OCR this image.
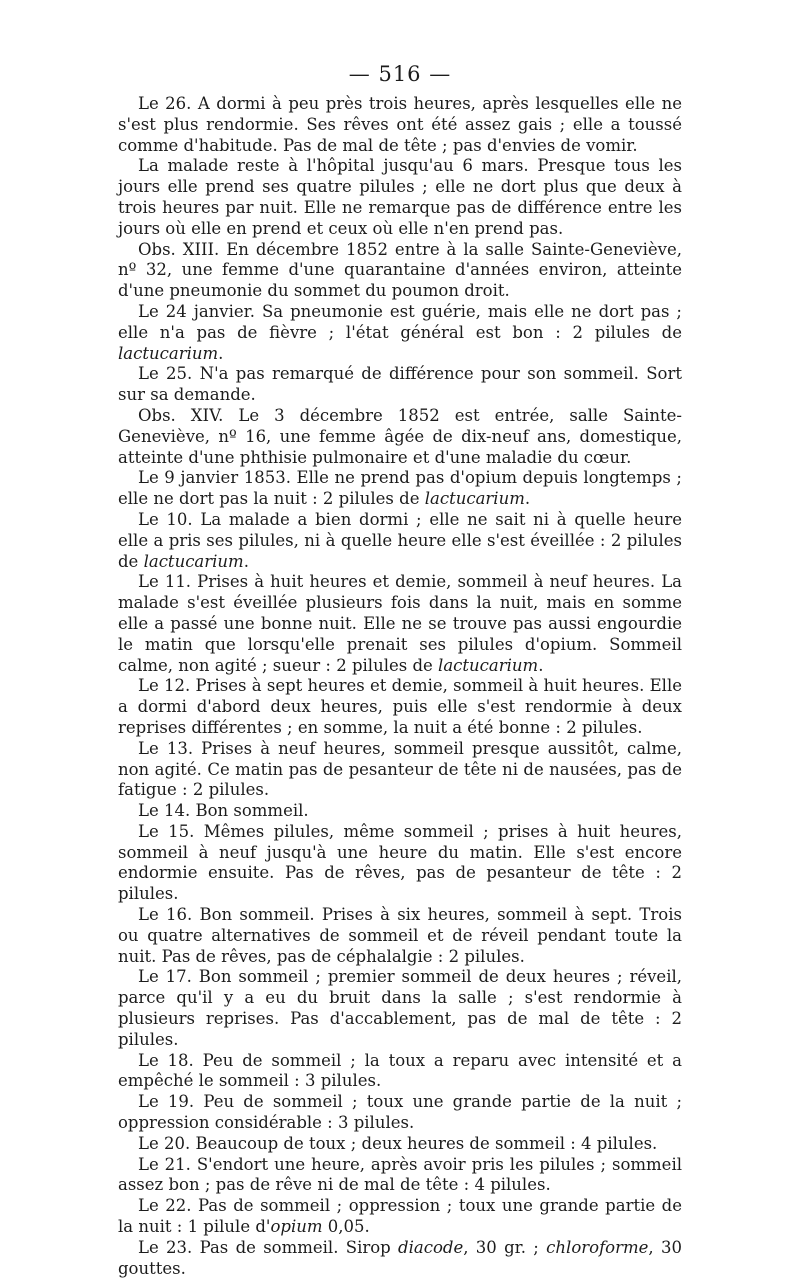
— 516 —

Le 26. A dormi à peu près trois heures, après lesquelles elle ne s'est plus rendormie. Ses rêves ont été assez gais ; elle a toussé comme d'habitude. Pas de mal de tête ; pas d'envies de vomir.

La malade reste à l'hôpital jusqu'au 6 mars. Presque tous les jours elle prend ses quatre pilules ; elle ne dort plus que deux à trois heures par nuit. Elle ne remarque pas de différence entre les jours où elle en prend et ceux où elle n'en prend pas.

Obs. XIII. En décembre 1852 entre à la salle Sainte-Geneviève, nº 32, une femme d'une quarantaine d'années environ, atteinte d'une pneumonie du sommet du poumon droit.

Le 24 janvier. Sa pneumonie est guérie, mais elle ne dort pas ; elle n'a pas de fièvre ; l'état général est bon : 2 pilules de lactucarium.

Le 25. N'a pas remarqué de différence pour son sommeil. Sort sur sa demande.

Obs. XIV. Le 3 décembre 1852 est entrée, salle Sainte-Geneviève, nº 16, une femme âgée de dix-neuf ans, domestique, atteinte d'une phthisie pulmonaire et d'une maladie du cœur.

Le 9 janvier 1853. Elle ne prend pas d'opium depuis longtemps ; elle ne dort pas la nuit : 2 pilules de lactucarium.

Le 10. La malade a bien dormi ; elle ne sait ni à quelle heure elle a pris ses pilules, ni à quelle heure elle s'est éveillée : 2 pilules de lactucarium.

Le 11. Prises à huit heures et demie, sommeil à neuf heures. La malade s'est éveillée plusieurs fois dans la nuit, mais en somme elle a passé une bonne nuit. Elle ne se trouve pas aussi engourdie le matin que lorsqu'elle prenait ses pilules d'opium. Sommeil calme, non agité ; sueur : 2 pilules de lactucarium.

Le 12. Prises à sept heures et demie, sommeil à huit heures. Elle a dormi d'abord deux heures, puis elle s'est rendormie à deux reprises différentes ; en somme, la nuit a été bonne : 2 pilules.

Le 13. Prises à neuf heures, sommeil presque aussitôt, calme, non agité. Ce matin pas de pesanteur de tête ni de nausées, pas de fatigue : 2 pilules.

Le 14. Bon sommeil.

Le 15. Mêmes pilules, même sommeil ; prises à huit heures, sommeil à neuf jusqu'à une heure du matin. Elle s'est encore endormie ensuite. Pas de rêves, pas de pesanteur de tête : 2 pilules.

Le 16. Bon sommeil. Prises à six heures, sommeil à sept. Trois ou quatre alternatives de sommeil et de réveil pendant toute la nuit. Pas de rêves, pas de céphalalgie : 2 pilules.

Le 17. Bon sommeil ; premier sommeil de deux heures ; réveil, parce qu'il y a eu du bruit dans la salle ; s'est rendormie à plusieurs reprises. Pas d'accablement, pas de mal de tête : 2 pilules.

Le 18. Peu de sommeil ; la toux a reparu avec intensité et a empêché le sommeil : 3 pilules.

Le 19. Peu de sommeil ; toux une grande partie de la nuit ; oppression considérable : 3 pilules.

Le 20. Beaucoup de toux ; deux heures de sommeil : 4 pilules.

Le 21. S'endort une heure, après avoir pris les pilules ; sommeil assez bon ; pas de rêve ni de mal de tête : 4 pilules.

Le 22. Pas de sommeil ; oppression ; toux une grande partie de la nuit : 1 pilule d'opium 0,05.

Le 23. Pas de sommeil. Sirop diacode, 30 gr. ; chloroforme, 30 gouttes.
